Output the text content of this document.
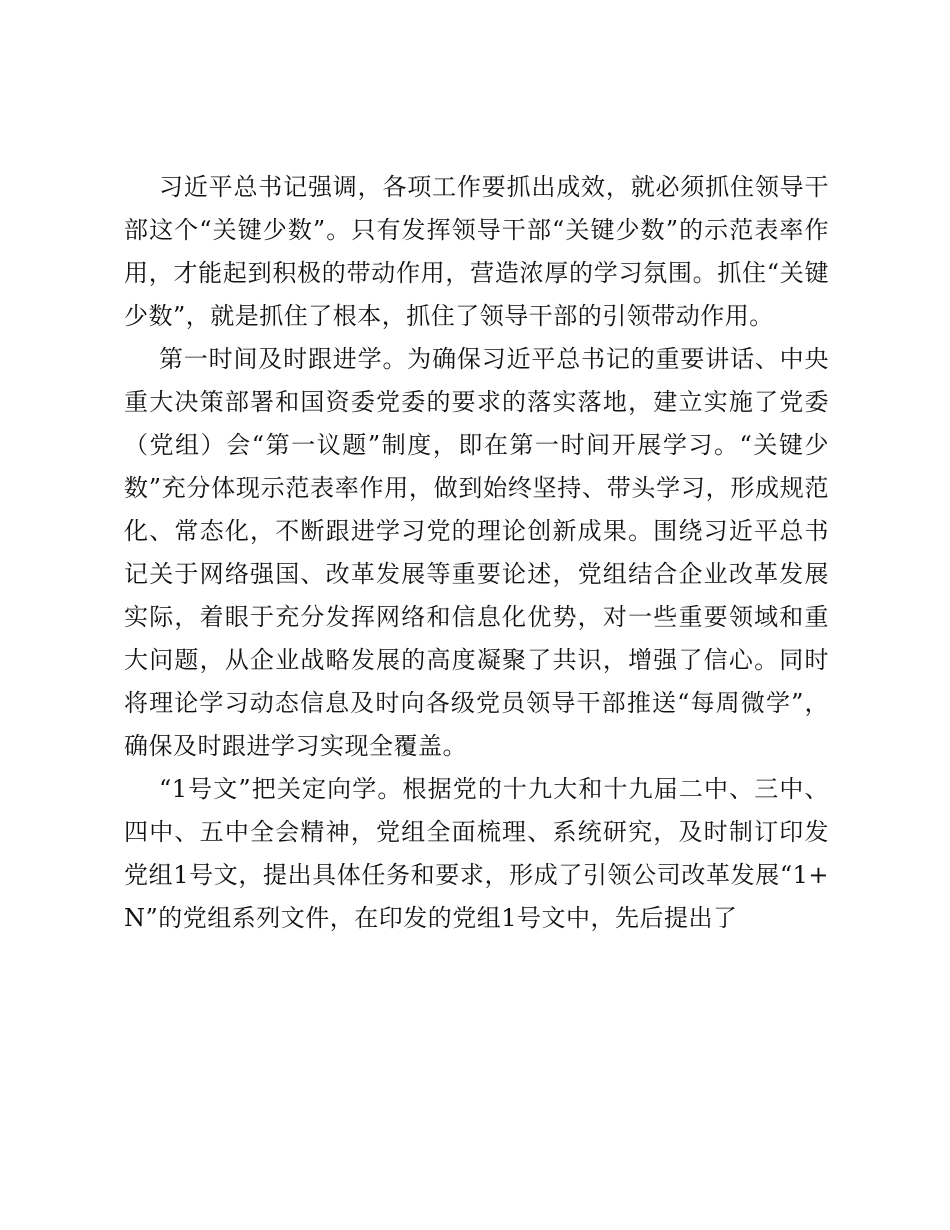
习近平总书记强调，各项工作要抓出成效，就必须抓住领导干部这个“关键少数”。只有发挥领导干部“关键少数”的示范表率作用，才能起到积极的带动作用，营造浓厚的学习氛围。抓住“关键少数”，就是抓住了根本，抓住了领导干部的引领带动作用。

第一时间及时跟进学。为确保习近平总书记的重要讲话、中央重大决策部署和国资委党委的要求的落实落地，建立实施了党委（党组）会“第一议题”制度，即在第一时间开展学习。“关键少数”充分体现示范表率作用，做到始终坚持、带头学习，形成规范化、常态化，不断跟进学习党的理论创新成果。围绕习近平总书记关于网络强国、改革发展等重要论述，党组结合企业改革发展实际，着眼于充分发挥网络和信息化优势，对一些重要领域和重大问题，从企业战略发展的高度凝聚了共识，增强了信心。同时将理论学习动态信息及时向各级党员领导干部推送“每周微学”，确保及时跟进学习实现全覆盖。

“1号文”把关定向学。根据党的十九大和十九届二中、三中、四中、五中全会精神，党组全面梳理、系统研究，及时制订印发党组1号文，提出具体任务和要求，形成了引领公司改革发展“1+N”的党组系列文件，在印发的党组1号文中，先后提出了
